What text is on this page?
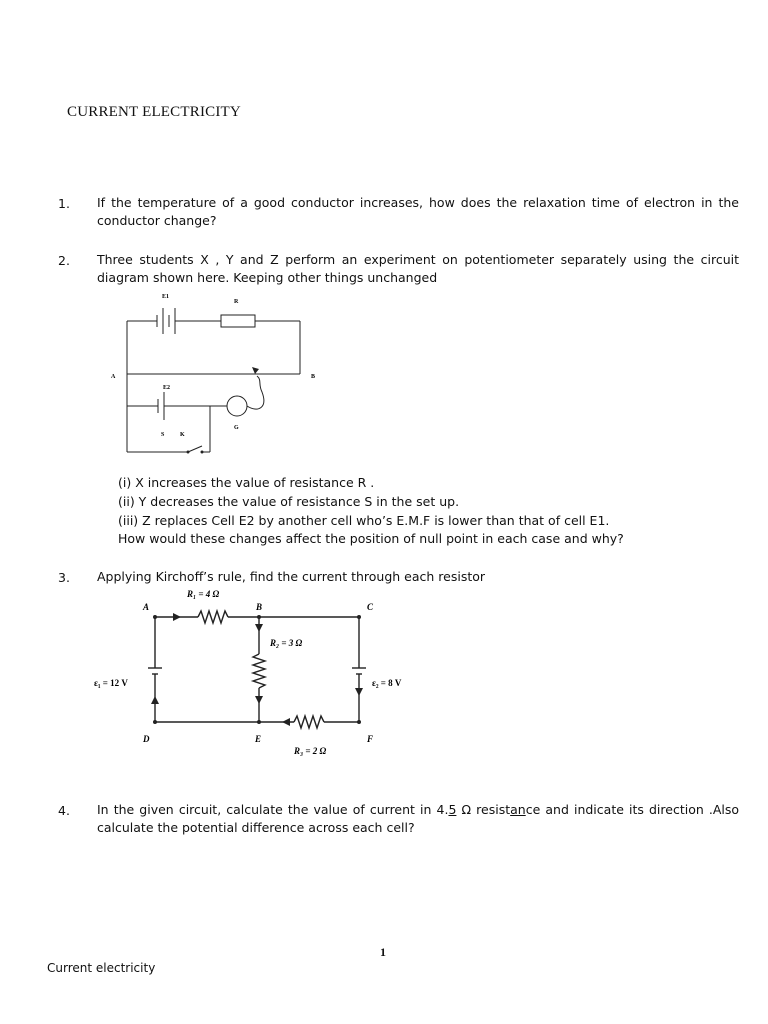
CURRENT ELECTRICITY
1. If the temperature of a good conductor increases, how does the relaxation time of electron in the conductor change?
2. Three students X , Y and Z perform an experiment on potentiometer separately using the circuit diagram shown here. Keeping other things unchanged
E1
R
A	B
E2
G
S	K
(i) X increases the value of resistance R .
(ii) Y decreases the value of resistance S in the set up.
(iii) Z replaces Cell E2 by another cell who’s E.M.F is lower than that of cell E1.
How would these changes affect the position of null point in each case and why?
3. Applying Kirchoff’s rule, find the current through each resistor
R₁ = 4 Ω
A	B	C
R₂ = 3 Ω
ε₁ = 12 V	ε₂ = 8 V
D	E	F
R₃ = 2 Ω
4. In the given circuit, calculate the value of current in 4.5 Ω resistance and indicate its direction .Also calculate the potential difference across each cell?
1
Current electricity
